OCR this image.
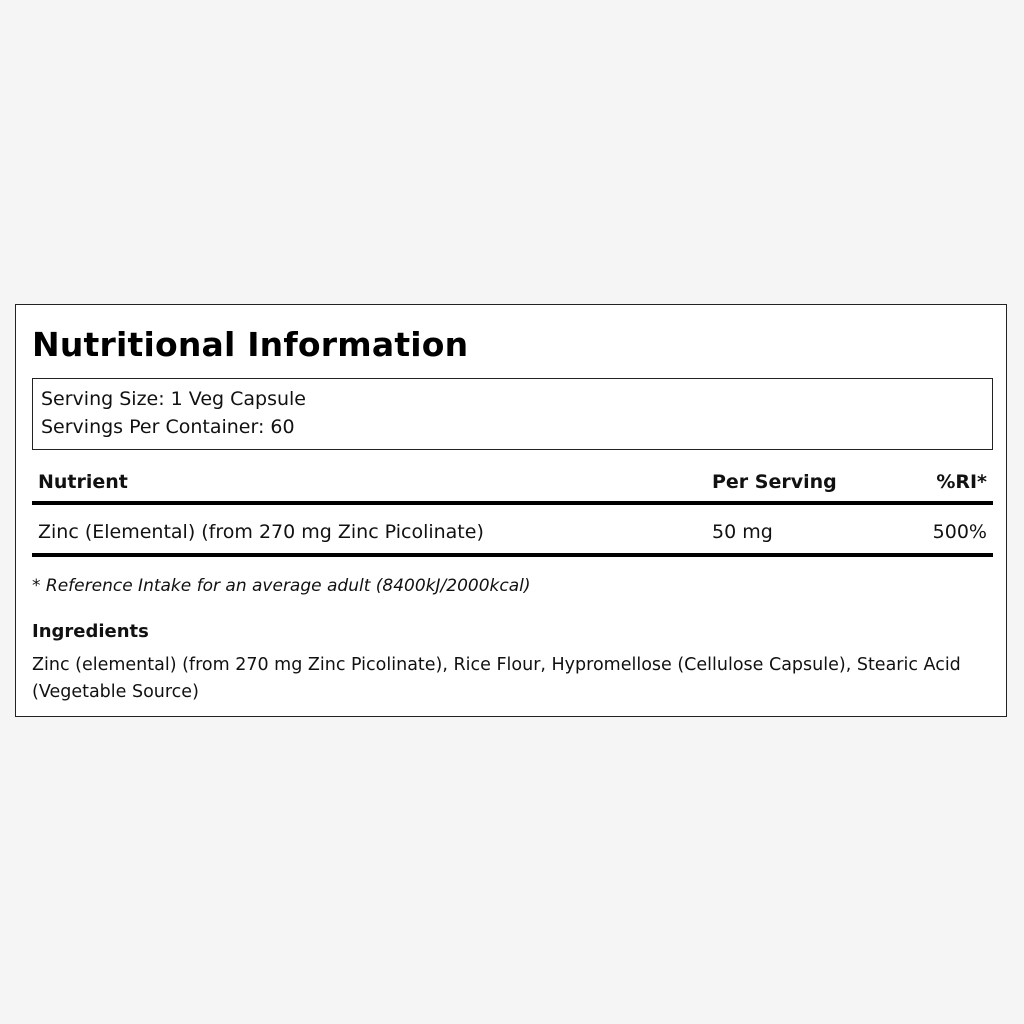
Nutritional Information
Serving Size: 1 Veg Capsule
Servings Per Container: 60
Nutrient	Per Serving	%RI*
Zinc (Elemental) (from 270 mg Zinc Picolinate)	50 mg	500%
* Reference Intake for an average adult (8400kJ/2000kcal)
Ingredients
Zinc (elemental) (from 270 mg Zinc Picolinate), Rice Flour, Hypromellose (Cellulose Capsule), Stearic Acid (Vegetable Source)
